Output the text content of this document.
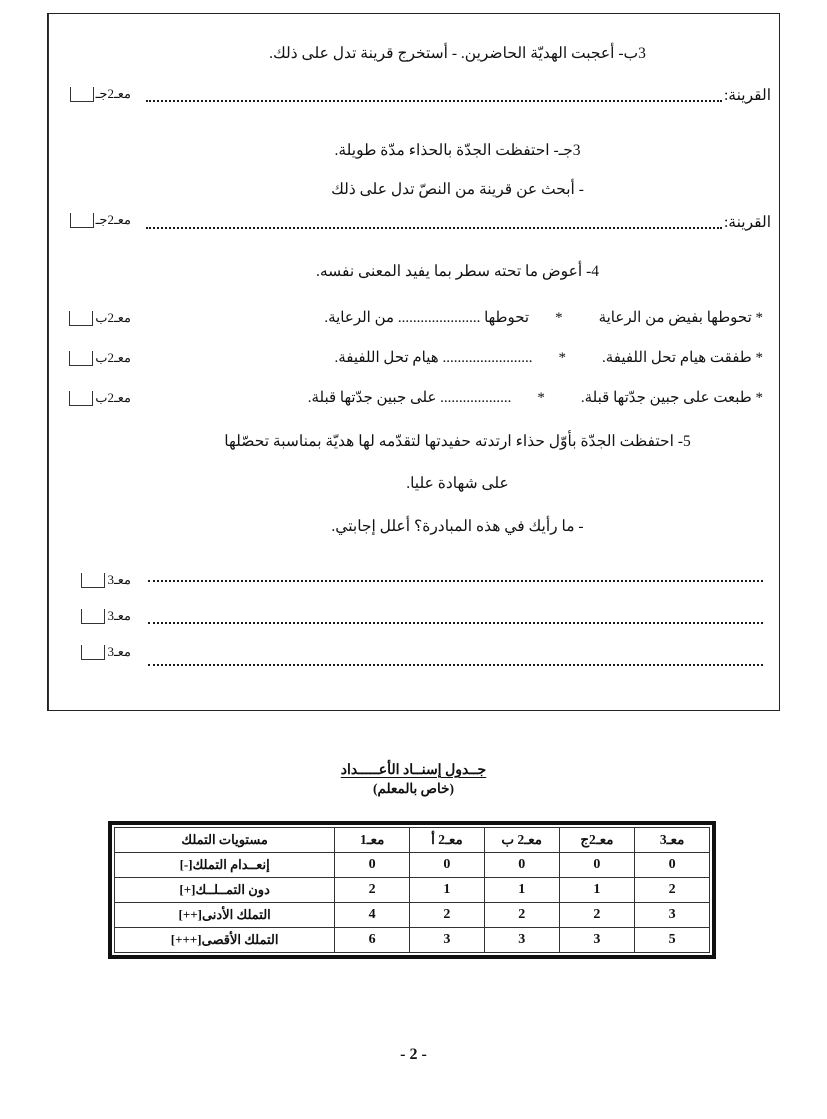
معـ2جـ
معـ2جـ
معـ2ب
معـ2ب
معـ2ب
معـ3
معـ3
معـ3
3ب- أعجبت الهديّة الحاضرين. - أستخرج قرينة تدل على ذلك.
القرينة:
3جـ- احتفظت الجدّة بالحذاء مدّة طويلة.
- أبحث عن قرينة من النصّ تدل على ذلك
القرينة:
4- أعوض ما تحته سطر بما يفيد المعنى نفسه.
* تحوطها بفيض من الرعاية
*
تحوطها ...................... من الرعاية.
* طفقت هيام تحل اللفيفة.
*
........................ هيام تحل اللفيفة.
* طبعت على جبين جدّتها قبلة.
*
................... على جبين جدّتها قبلة.
5- احتفظت الجدّة بأوّل حذاء ارتدته حفيدتها لتقدّمه لها هديّة بمناسبة تحصّلها
على شهادة عليا.
- ما رأيك في هذه المبادرة؟ أعلل إجابتي.
جــدول إسنــاد الأعـــــداد
(خاص بالمعلم)
معـ3	معـ2ج	معـ2 ب	معـ2 أ	معـ1	مستويات التملك
0	0	0	0	0	إنعــدام التملك[-]
2	1	1	1	2	دون التمــلــك[+]
3	2	2	2	4	التملك الأدنى[++]
5	3	3	3	6	التملك الأقصى[+++]
- 2 -
